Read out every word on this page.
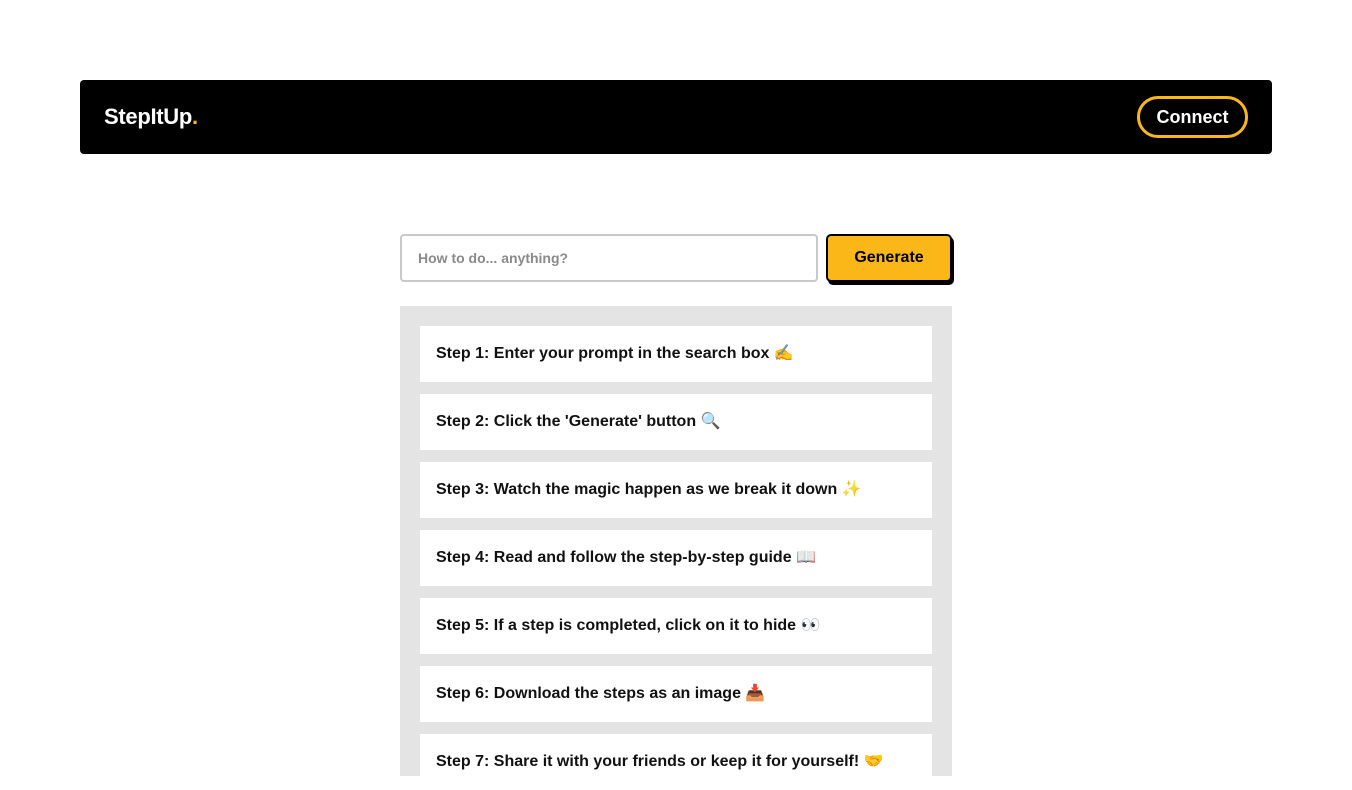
StepItUp.	Connect
How to do... anything?
Generate
Step 1: Enter your prompt in the search box ✍️
Step 2: Click the 'Generate' button 🔍
Step 3: Watch the magic happen as we break it down ✨
Step 4: Read and follow the step-by-step guide 📖
Step 5: If a step is completed, click on it to hide 👀
Step 6: Download the steps as an image 📥
Step 7: Share it with your friends or keep it for yourself! 🤝
